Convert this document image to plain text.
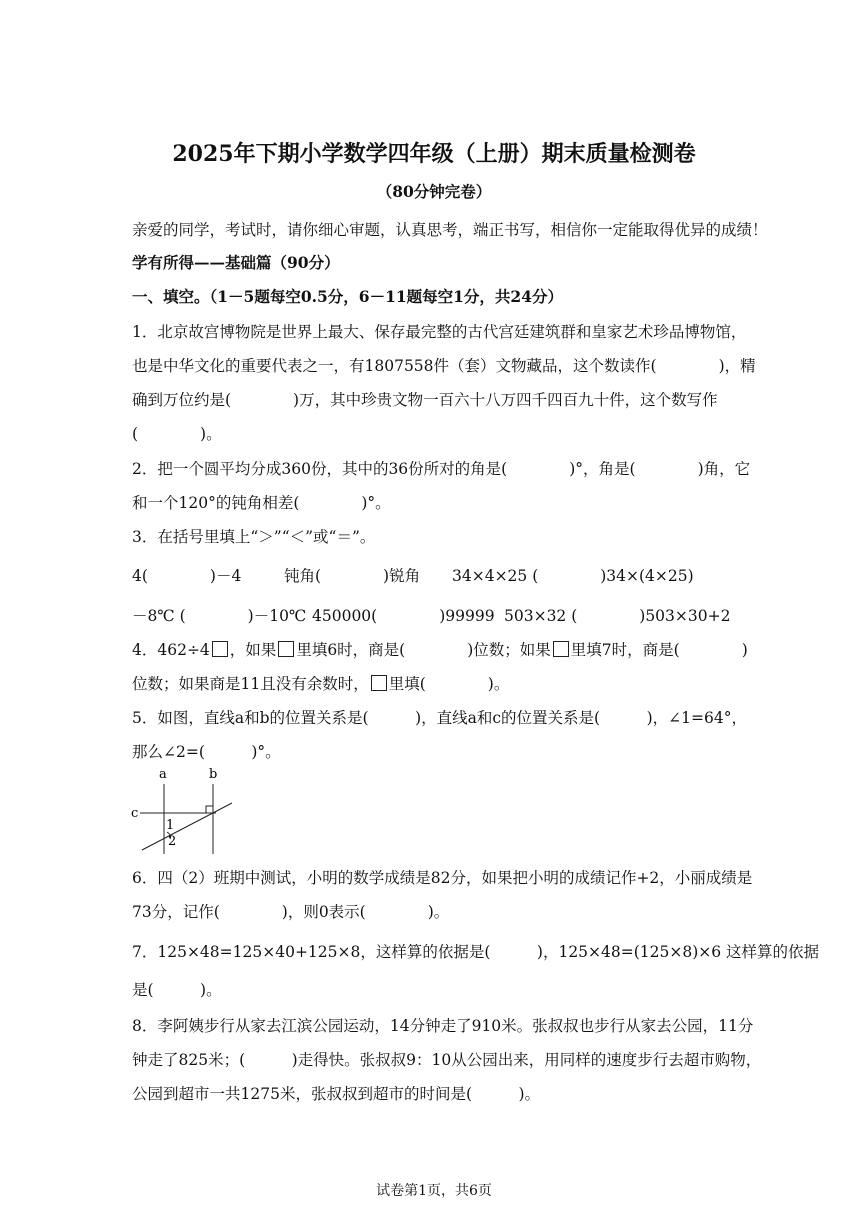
2025年下期小学数学四年级（上册）期末质量检测卷
（80分钟完卷）
亲爱的同学，考试时，请你细心审题，认真思考，端正书写，相信你一定能取得优异的成绩！
学有所得——基础篇（90分）
一、填空。（1－5题每空0.5分，6－11题每空1分，共24分）
1．北京故宫博物院是世界上最大、保存最完整的古代宫廷建筑群和皇家艺术珍品博物馆，
也是中华文化的重要代表之一，有1807558件（套）文物藏品，这个数读作(　　　　)，精
确到万位约是(　　　　)万，其中珍贵文物一百六十八万四千四百九十件，这个数写作
(　　　　)。
2．把一个圆平均分成360份，其中的36份所对的角是(　　　　)°，角是(　　　　)角，它
和一个120°的钝角相差(　　　　)°。
3．在括号里填上“＞”“＜”或“＝”。
4(　　　　)－4	钝角(　　　　)锐角 34×4×25 (　　　　)34×(4×25)
－8℃ (　　　　)－10℃ 450000(　　　　)99999 503×32 (　　　　)503×30+2
4．462÷4 ，如果 里填6时，商是(　　　　)位数；如果 里填7时，商是(　　　　)
位数；如果商是11且没有余数时， 里填(　　　　)。
5．如图，直线a和b的位置关系是(　　　)，直线a和c的位置关系是(　　　)，∠1=64°，
那么∠2=(　　　)°。
a	b
c
1
2
6．四（2）班期中测试，小明的数学成绩是82分，如果把小明的成绩记作+2，小丽成绩是
73分，记作(　　　　)，则0表示(　　　　)。
7．125×48=125×40+125×8，这样算的依据是(　　　)，125×48=(125×8)×6 这样算的依据
是(　　　)。
8．李阿姨步行从家去江滨公园运动，14分钟走了910米。张叔叔也步行从家去公园，11分
钟走了825米；(　　　)走得快。张叔叔9：10从公园出来，用同样的速度步行去超市购物，
公园到超市一共1275米，张叔叔到超市的时间是(　　　)。
试卷第1页，共6页
